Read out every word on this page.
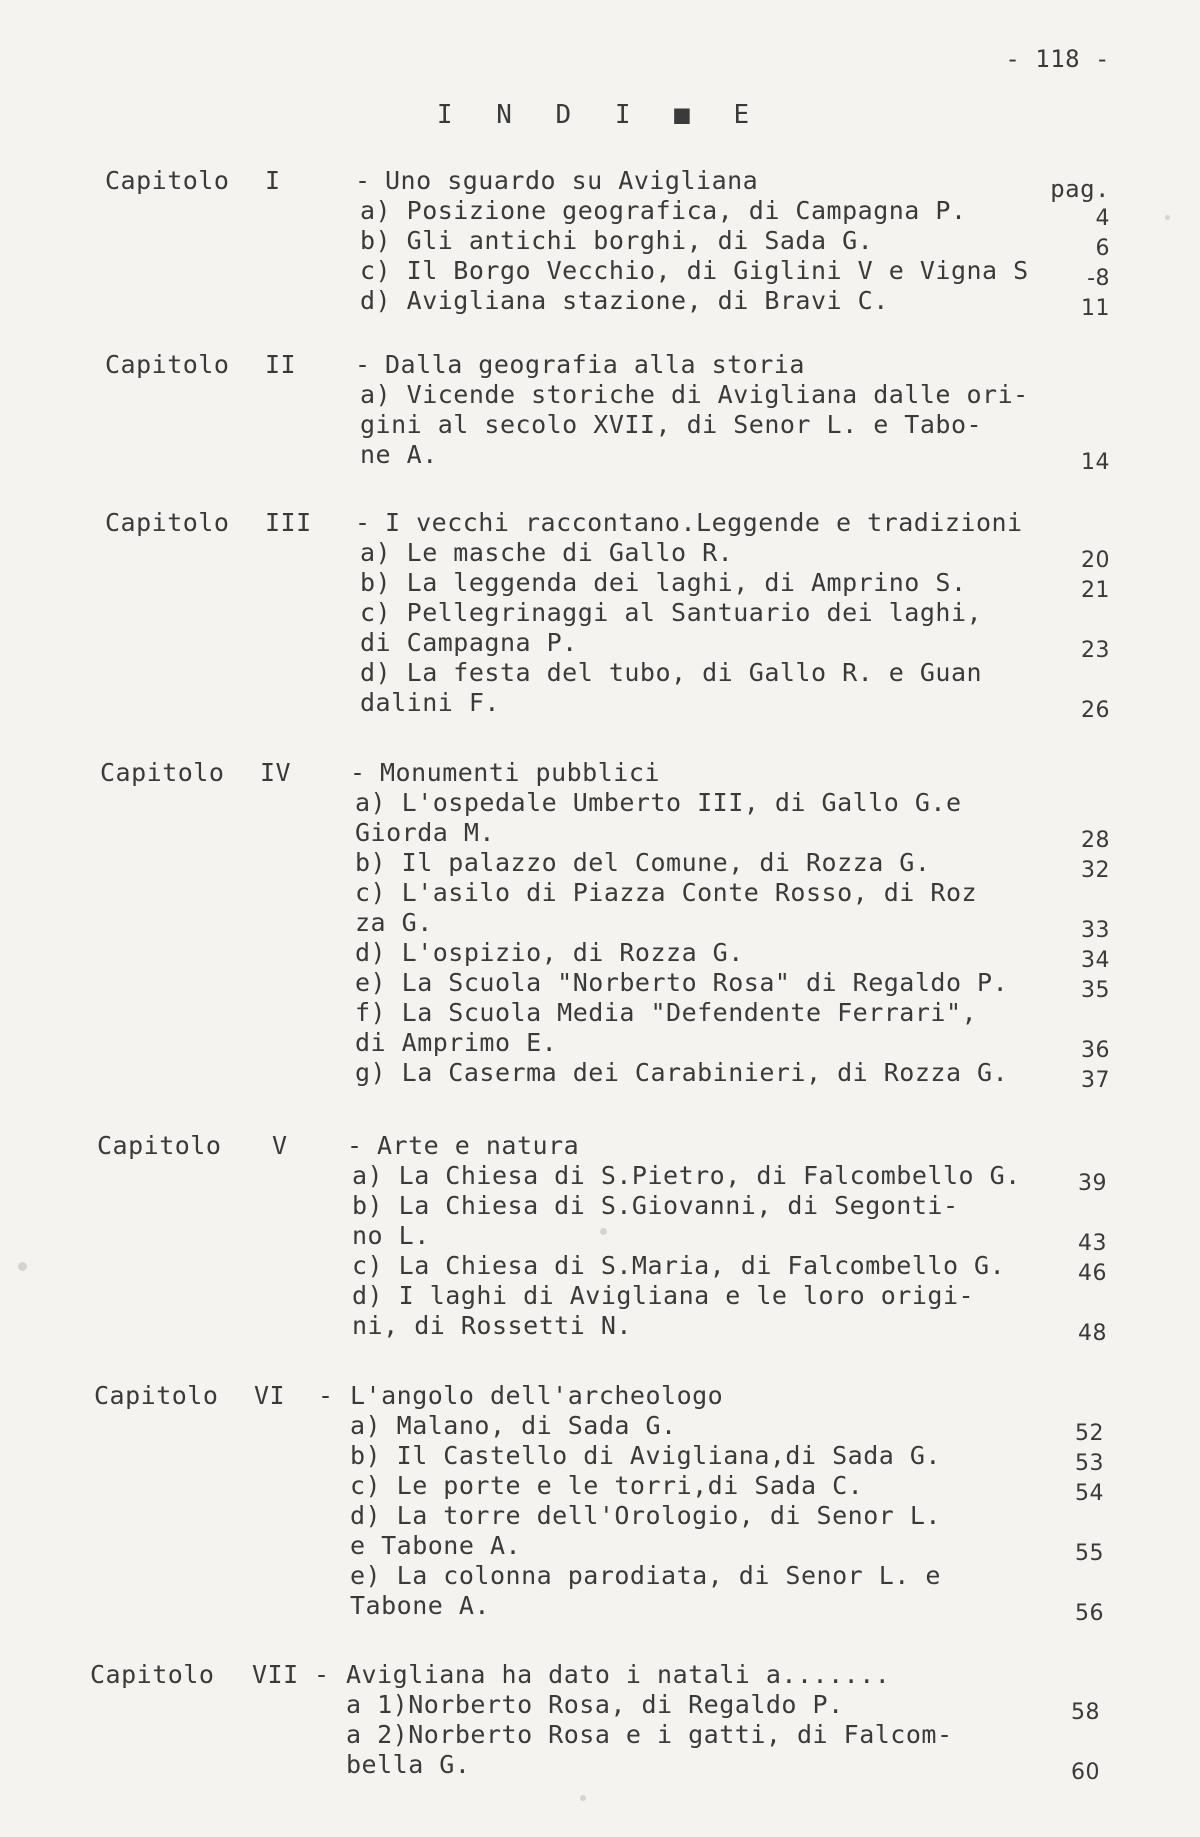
- 118 -
I N D I ■ E
Capitolo I	- Uno sguardo su Avigliana	pag.
a) Posizione geografica, di Campagna P.	4
b) Gli antichi borghi, di Sada G.	6
c) Il Borgo Vecchio, di Giglini V e Vigna S	-8
d) Avigliana stazione, di Bravi C.	11
Capitolo II - Dalla geografia alla storia
a) Vicende storiche di Avigliana dalle ori-
gini al secolo XVII, di Senor L. e Tabo-
ne A.	14
Capitolo III - I vecchi raccontano.Leggende e tradizioni
a) Le masche di Gallo R.	20
b) La leggenda dei laghi, di Amprino S.	21
c) Pellegrinaggi al Santuario dei laghi,
di Campagna P.	23
d) La festa del tubo, di Gallo R. e Guan
dalini F.	26
Capitolo IV - Monumenti pubblici
a) L'ospedale Umberto III, di Gallo G.e
Giorda M.	28
b) Il palazzo del Comune, di Rozza G.	32
c) L'asilo di Piazza Conte Rosso, di Roz
za G.	33
d) L'ospizio, di Rozza G.	34
e) La Scuola "Norberto Rosa" di Regaldo P.	35
f) La Scuola Media "Defendente Ferrari",
di Amprimo E.	36
g) La Caserma dei Carabinieri, di Rozza G.	37
Capitolo V - Arte e natura
a) La Chiesa di S.Pietro, di Falcombello G.	39
b) La Chiesa di S.Giovanni, di Segonti-
no L.	43
c) La Chiesa di S.Maria, di Falcombello G.	46
d) I laghi di Avigliana e le loro origi-
ni, di Rossetti N.	48
Capitolo VI - L'angolo dell'archeologo
a) Malano, di Sada G.	52
b) Il Castello di Avigliana,di Sada G.	53
c) Le porte e le torri,di Sada C.	54
d) La torre dell'Orologio, di Senor L.
e Tabone A.	55
e) La colonna parodiata, di Senor L. e
Tabone A.	56
Capitolo VII - Avigliana ha dato i natali a.......
a 1)Norberto Rosa, di Regaldo P.	58
a 2)Norberto Rosa e i gatti, di Falcom-
bella G.	60
